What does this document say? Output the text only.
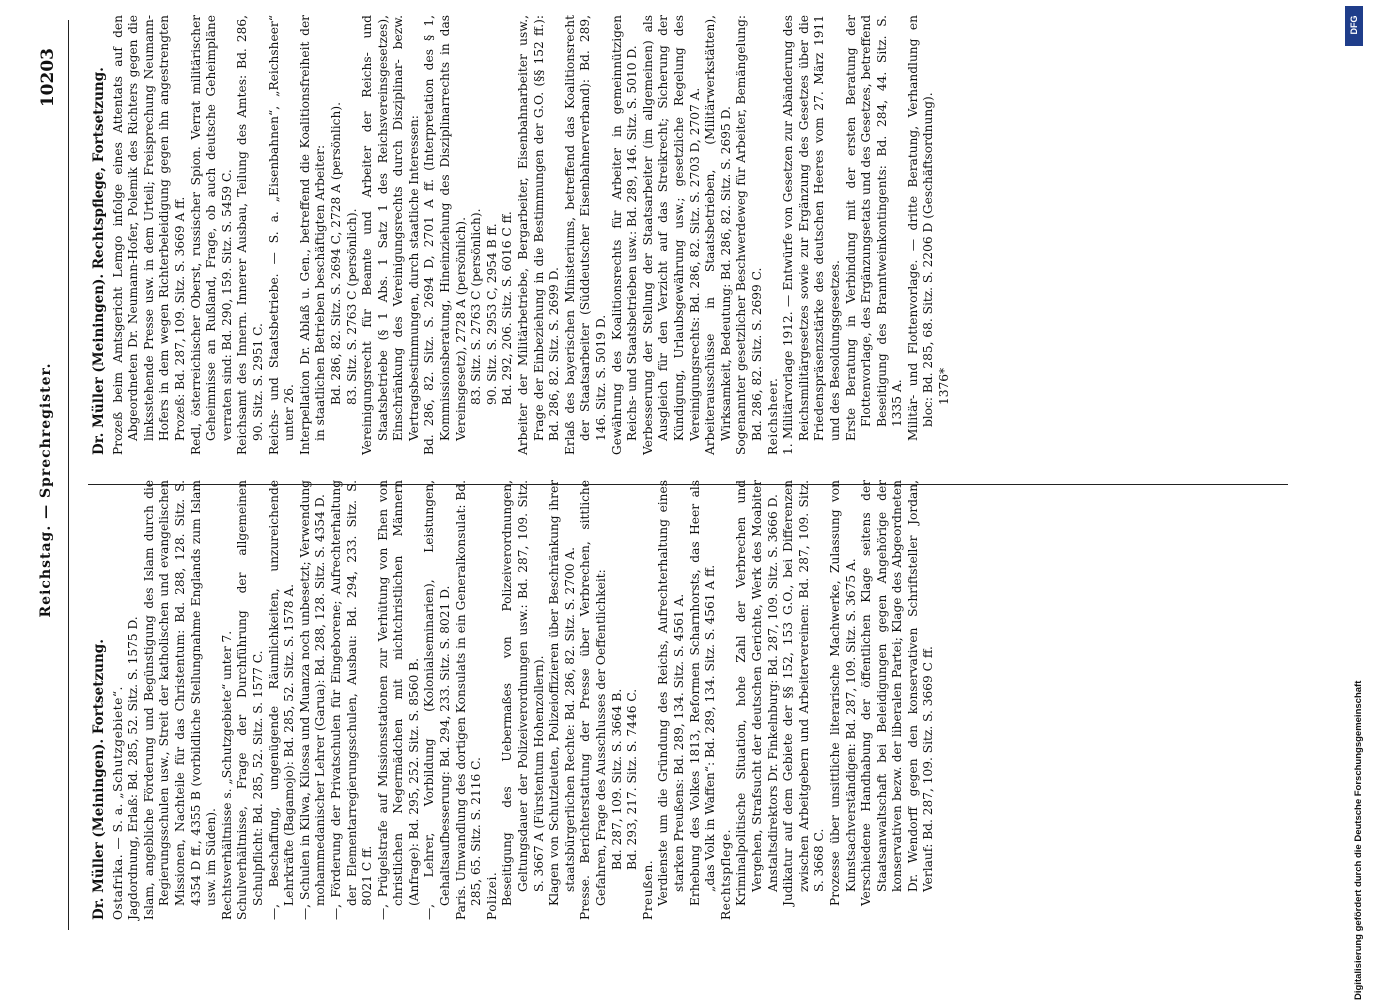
Reichstag. — Sprechregister.
10203

Dr. Müller (Meiningen). Fortsetzung. Ostafrika. — S. a. „Schutzgebiete“. Jagdordnung, Erlaß: Bd. 285, 52. Sitz. S. 1575 D. Islam, angebliche Förderung und Begünstigung des Islam durch die Regierungsschulen usw., Streit der katholischen und evangelischen Missionen, Nachteile für das Christentum: Bd. 288, 128. Sitz. S. 4354 D ff., 4355 B (vorbildliche Stellungnahme Englands zum Islam usw. im Süden). Rechtsverhältnisse s. „Schutzgebiete“ unter 7. Schulverhältnisse, Frage der Durchführung der allgemeinen Schulpflicht: Bd. 285, 52. Sitz. S. 1577 C. —, Beschaffung, ungenügende Räumlichkeiten, unzureichende Lehrkräfte (Bagamojo): Bd. 285, 52. Sitz. S. 1578 A. —, Schulen in Kilwa, Kilossa und Muanza noch unbesetzt; Verwendung mohammedanischer Lehrer (Garua): Bd. 288, 128. Sitz. S. 4354 D. —, Förderung der Privatschulen für Eingeborene; Aufrechterhaltung der Elementarregierungsschulen, Ausbau: Bd. 294, 233. Sitz. S. 8021 C ff. —, Prügelstrafe auf Missionsstationen zur Verhütung von Ehen von christlichen Negermädchen mit nichtchristlichen Männern (Anfrage): Bd. 295, 252. Sitz. S. 8560 B. —, Lehrer, Vorbildung (Kolonialseminarien), Leistungen, Gehaltsaufbesserung: Bd. 294, 233. Sitz. S. 8021 D. Paris. Umwandlung des dortigen Konsulats in ein Generalkonsulat: Bd. 285, 65. Sitz. S. 2116 C. Polizei. Beseitigung des Uebermaßes von Polizeiverordnungen, Geltungsdauer der Polizeiverordnungen usw.: Bd. 287, 109. Sitz. S. 3667 A (Fürstentum Hohenzollern). Klagen von Schutzleuten, Polizeioffizieren über Beschränkung ihrer staatsbürgerlichen Rechte: Bd. 286, 82. Sitz. S. 2700 A. Presse. Berichterstattung der Presse über Verbrechen, sittliche Gefahren, Frage des Ausschlusses der Oeffentlichkeit: Bd. 287, 109. Sitz. S. 3664 B. Bd. 293, 217. Sitz. S. 7446 C.

Preußen. Verdienste um die Gründung des Reichs, Aufrechterhaltung eines starken Preußens: Bd. 289, 134. Sitz. S. 4561 A. Erhebung des Volkes 1813, Reformen Scharnhorsts, das Heer als „das Volk in Waffen“: Bd. 289, 134. Sitz. S. 4561 A ff. Rechtspflege. Kriminalpolitische Situation, hohe Zahl der Verbrechen und Vergehen, Strafsucht der deutschen Gerichte, Werk des Moabiter Anstaltsdirektors Dr. Finkelnburg: Bd. 287, 109. Sitz. S. 3666 D. Judikatur auf dem Gebiete der §§ 152, 153 G.O., bei Differenzen zwischen Arbeitgebern und Arbeitervereinen: Bd. 287, 109. Sitz. S. 3668 C. Prozesse über unsittliche literarische Machwerke, Zulassung von Kunstsachverständigen: Bd. 287, 109. Sitz. S. 3675 A. Verschiedene Handhabung der öffentlichen Klage seitens der Staatsanwaltschaft bei Beleidigungen gegen Angehörige der konservativen bezw. der liberalen Partei; Klage des Abgeordneten Dr. Wendorff gegen den konservativen Schriftsteller Jordan, Verlauf: Bd. 287, 109. Sitz. S. 3669 C ff.

Dr. Müller (Meiningen). Rechtspflege, Fortsetzung. Prozeß beim Amtsgericht Lemgo infolge eines Attentats auf den Abgeordneten Dr. Neumann-Hofer, Polemik des Richters gegen die linksstehende Presse usw. in dem Urteil; Freisprechung Neumann-Hofers in dem wegen Richterbeleidigung gegen ihn angestrengten Prozeß: Bd. 287, 109. Sitz. S. 3669 A ff. Redl, österreichischer Oberst, russischer Spion. Verrat militärischer Geheimnisse an Rußland, Frage, ob auch deutsche Geheimpläne verraten sind: Bd. 290, 159. Sitz. S. 5459 C. Reichsamt des Innern. Innerer Ausbau, Teilung des Amtes: Bd. 286, 90. Sitz. S. 2951 C. Reichs- und Staatsbetriebe. — S. a. „Eisenbahnen“, „Reichsheer“ unter 26. Interpellation Dr. Ablaß u. Gen., betreffend die Koalitionsfreiheit der in staatlichen Betrieben beschäftigten Arbeiter: Bd. 286, 82. Sitz. S. 2694 C, 2728 A (persönlich). 83. Sitz. S. 2763 C (persönlich). Vereinigungsrecht für Beamte und Arbeiter der Reichs- und Staatsbetriebe (§ 1 Abs. 1 Satz 1 des Reichsvereinsgesetzes), Einschränkung des Vereinigungsrechts durch Disziplinar- bezw. Vertragsbestimmungen, durch staatliche Interessen: Bd. 286, 82. Sitz. S. 2694 D, 2701 A ff. (Interpretation des § 1, Kommissionsberatung, Hineinziehung des Disziplinarrechts in das Vereinsgesetz), 2728 A (persönlich). 83. Sitz. S. 2763 C (persönlich). 90. Sitz. S. 2953 C, 2954 B ff. Bd. 292, 206. Sitz. S. 6016 C ff. Arbeiter der Militärbetriebe, Bergarbeiter, Eisenbahnarbeiter usw., Frage der Einbeziehung in die Bestimmungen der G.O. (§§ 152 ff.): Bd. 286, 82. Sitz. S. 2699 D. Erlaß des bayerischen Ministeriums, betreffend das Koalitionsrecht der Staatsarbeiter (Süddeutscher Eisenbahnerverband): Bd. 289, 146. Sitz. S. 5019 D. Gewährung des Koalitionsrechts für Arbeiter in gemeinnützigen Reichs- und Staatsbetrieben usw.: Bd. 289, 146. Sitz. S. 5010 D. Verbesserung der Stellung der Staatsarbeiter (im allgemeinen) als Ausgleich für den Verzicht auf das Streikrecht; Sicherung der Kündigung, Urlaubsgewährung usw.; gesetzliche Regelung des Vereinigungsrechts: Bd. 286, 82. Sitz. S. 2703 D, 2707 A. Arbeiterausschüsse in Staatsbetrieben, (Militärwerkstätten), Wirksamkeit, Bedeutung: Bd. 286, 82. Sitz. S. 2695 D. Sogenannter gesetzlicher Beschwerdeweg für Arbeiter, Bemängelung: Bd. 286, 82. Sitz. S. 2699 C. Reichsheer. 1. Militärvorlage 1912. — Entwürfe von Gesetzen zur Abänderung des Reichsmilitärgesetzes sowie zur Ergänzung des Gesetzes über die Friedenspräsenzstärke des deutschen Heeres vom 27. März 1911 und des Besoldungsgesetzes. Erste Beratung in Verbindung mit der ersten Beratung der Flottenvorlage, des Ergänzungsetats und des Gesetzes, betreffend Beseitigung des Branntweinkontingents: Bd. 284, 44. Sitz. S. 1335 A. Militär- und Flottenvorlage. — dritte Beratung, Verhandlung en bloc: Bd. 285, 68. Sitz. S. 2206 D (Geschäftsordnung). 1376*

DFG
Digitalisierung gefördert durch die Deutsche Forschungsgemeinschaft
